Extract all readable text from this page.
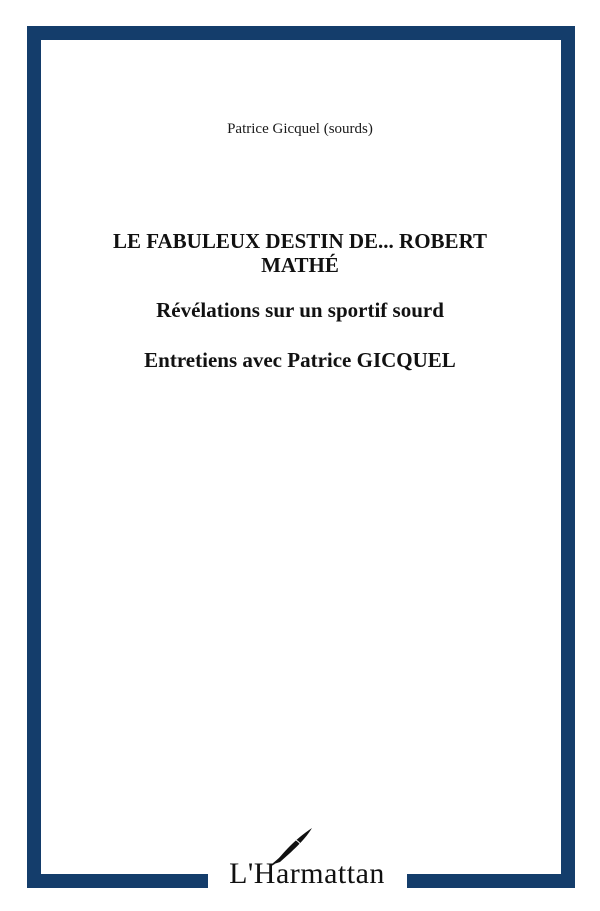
Patrice Gicquel (sourds)
LE FABULEUX DESTIN DE... ROBERT MATHÉ
Révélations sur un sportif sourd
Entretiens avec Patrice GICQUEL
L'Harmattan
